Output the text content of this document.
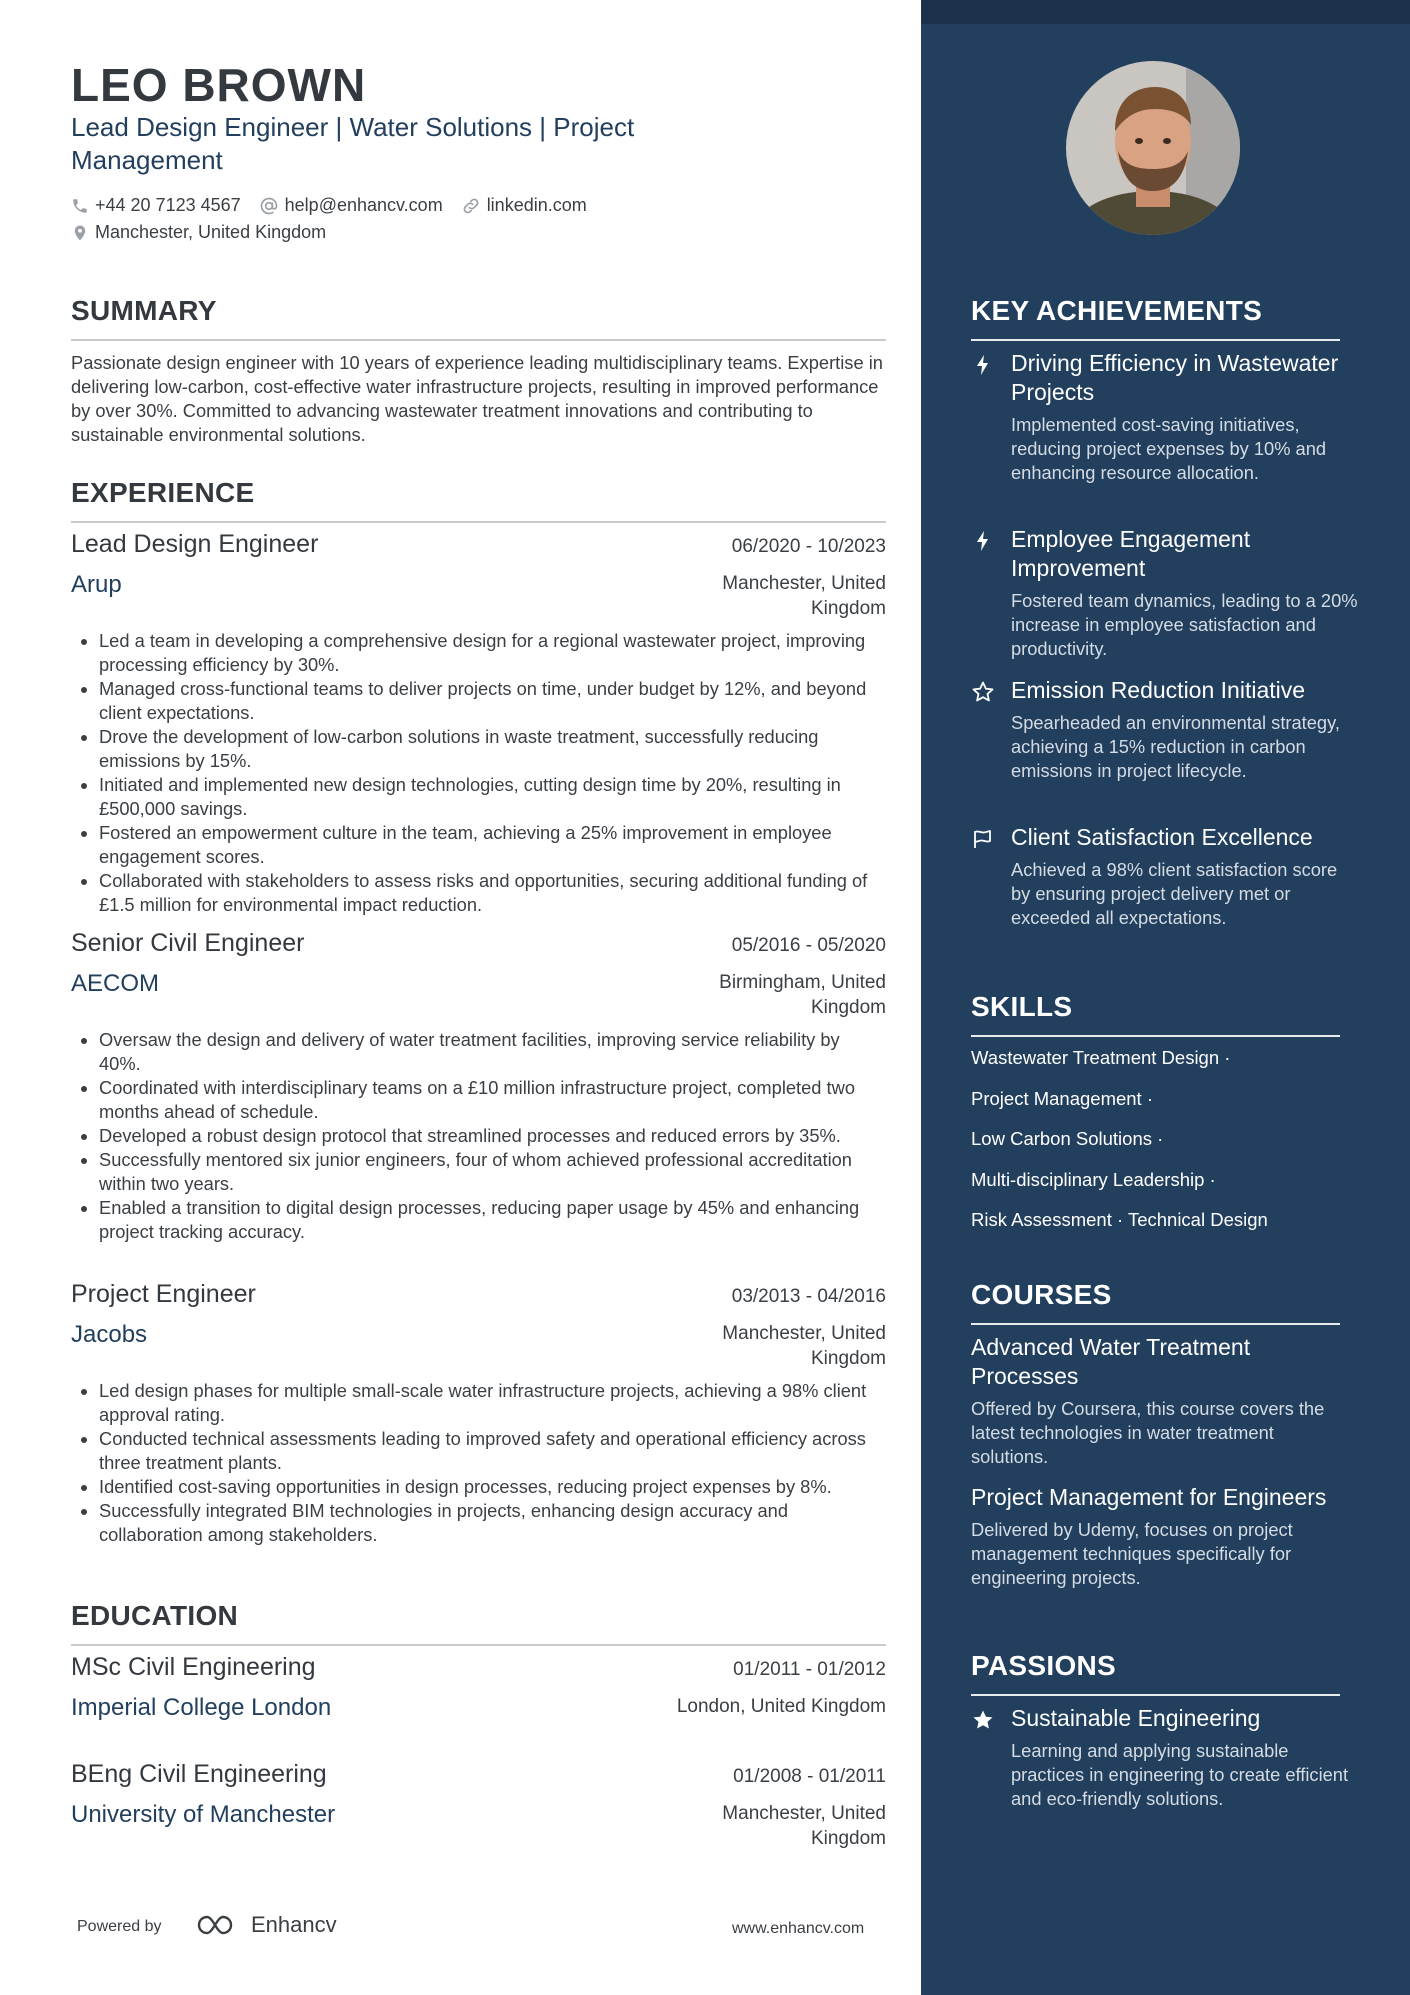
LEO BROWN

Lead Design Engineer | Water Solutions | Project Management

+44 20 7123 4567 help@enhancv.com linkedin.com
Manchester, United Kingdom
SUMMARY

Passionate design engineer with 10 years of experience leading multidisciplinary teams. Expertise in delivering low-carbon, cost-effective water infrastructure projects, resulting in improved performance by over 30%. Committed to advancing wastewater treatment innovations and contributing to sustainable environmental solutions.

EXPERIENCE
Lead Design Engineer	06/2020 - 10/2023
Arup	Manchester, United Kingdom
• Led a team in developing a comprehensive design for a regional wastewater project, improving processing efficiency by 30%.
• Managed cross-functional teams to deliver projects on time, under budget by 12%, and beyond client expectations.
• Drove the development of low-carbon solutions in waste treatment, successfully reducing emissions by 15%.
• Initiated and implemented new design technologies, cutting design time by 20%, resulting in £500,000 savings.
• Fostered an empowerment culture in the team, achieving a 25% improvement in employee engagement scores.
• Collaborated with stakeholders to assess risks and opportunities, securing additional funding of £1.5 million for environmental impact reduction.
Senior Civil Engineer	05/2016 - 05/2020
AECOM	Birmingham, United Kingdom
• Oversaw the design and delivery of water treatment facilities, improving service reliability by 40%.
• Coordinated with interdisciplinary teams on a £10 million infrastructure project, completed two months ahead of schedule.
• Developed a robust design protocol that streamlined processes and reduced errors by 35%.
• Successfully mentored six junior engineers, four of whom achieved professional accreditation within two years.
• Enabled a transition to digital design processes, reducing paper usage by 45% and enhancing project tracking accuracy.
Project Engineer	03/2013 - 04/2016
Jacobs	Manchester, United Kingdom
• Led design phases for multiple small-scale water infrastructure projects, achieving a 98% client approval rating.
• Conducted technical assessments leading to improved safety and operational efficiency across three treatment plants.
• Identified cost-saving opportunities in design processes, reducing project expenses by 8%.
• Successfully integrated BIM technologies in projects, enhancing design accuracy and collaboration among stakeholders.
EDUCATION
MSc Civil Engineering	01/2011 - 01/2012
Imperial College London	London, United Kingdom
BEng Civil Engineering	01/2008 - 01/2011
University of Manchester	Manchester, United Kingdom
Powered by	Enhancv	www.enhancv.com
KEY ACHIEVEMENTS
Driving Efficiency in Wastewater Projects
Implemented cost-saving initiatives, reducing project expenses by 10% and enhancing resource allocation.
Employee Engagement Improvement
Fostered team dynamics, leading to a 20% increase in employee satisfaction and productivity.
Emission Reduction Initiative
Spearheaded an environmental strategy, achieving a 15% reduction in carbon emissions in project lifecycle.
Client Satisfaction Excellence
Achieved a 98% client satisfaction score by ensuring project delivery met or exceeded all expectations.
SKILLS
Wastewater Treatment Design ·
Project Management ·
Low Carbon Solutions ·
Multi-disciplinary Leadership ·
Risk Assessment · Technical Design
COURSES
Advanced Water Treatment Processes
Offered by Coursera, this course covers the latest technologies in water treatment solutions.
Project Management for Engineers
Delivered by Udemy, focuses on project management techniques specifically for engineering projects.
PASSIONS
Sustainable Engineering
Learning and applying sustainable practices in engineering to create efficient and eco-friendly solutions.
